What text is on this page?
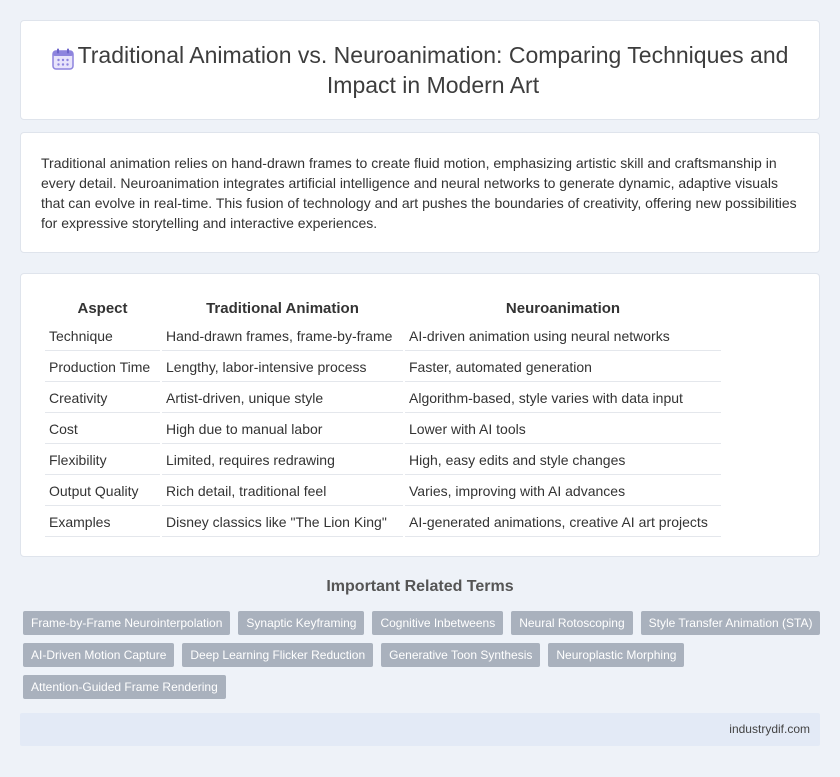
Traditional Animation vs. Neuroanimation: Comparing Techniques and Impact in Modern Art

Traditional animation relies on hand-drawn frames to create fluid motion, emphasizing artistic skill and craftsmanship in every detail. Neuroanimation integrates artificial intelligence and neural networks to generate dynamic, adaptive visuals that can evolve in real-time. This fusion of technology and art pushes the boundaries of creativity, offering new possibilities for expressive storytelling and interactive experiences.

Aspect	Traditional Animation	Neuroanimation
Technique	Hand-drawn frames, frame-by-frame	AI-driven animation using neural networks
Production Time	Lengthy, labor-intensive process	Faster, automated generation
Creativity	Artist-driven, unique style	Algorithm-based, style varies with data input
Cost	High due to manual labor	Lower with AI tools
Flexibility	Limited, requires redrawing	High, easy edits and style changes
Output Quality	Rich detail, traditional feel	Varies, improving with AI advances
Examples	Disney classics like "The Lion King"	AI-generated animations, creative AI art projects
Important Related Terms
Frame-by-Frame Neurointerpolation	Synaptic Keyframing	Cognitive Inbetweens	Neural Rotoscoping	Style Transfer Animation (STA)
AI-Driven Motion Capture	Deep Learning Flicker Reduction	Generative Toon Synthesis	Neuroplastic Morphing
Attention-Guided Frame Rendering
industrydif.com
